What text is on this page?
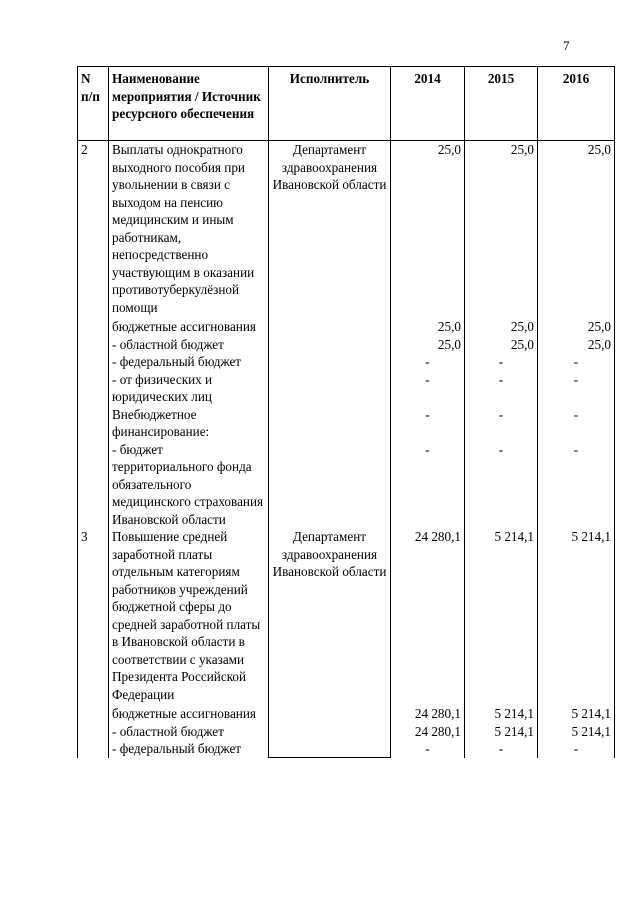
7
N п/п	Наименование мероприятия / Источник ресурсного обеспечения	Исполнитель	2014	2015	2016
2	Выплаты однократного выходного пособия при увольнении в связи с выходом на пенсию медицинским и иным работникам, непосредственно участвующим в оказании противотуберкулёзной помощи	Департамент здравоохранения Ивановской области	25,0	25,0	25,0
	бюджетные ассигнования		25,0	25,0	25,0
	- областной бюджет		25,0	25,0	25,0
	- федеральный бюджет		-	-	-
	- от физических и юридических лиц		-	-	-
	Внебюджетное финансирование:		-	-	-
	- бюджет территориального фонда обязательного медицинского страхования Ивановской области		-	-	-
3	Повышение средней заработной платы отдельным категориям работников учреждений бюджетной сферы до средней заработной платы в Ивановской области в соответствии с указами Президента Российской Федерации	Департамент здравоохранения Ивановской области	24 280,1	5 214,1	5 214,1
	бюджетные ассигнования		24 280,1	5 214,1	5 214,1
	- областной бюджет		24 280,1	5 214,1	5 214,1
	- федеральный бюджет		-	-	-
